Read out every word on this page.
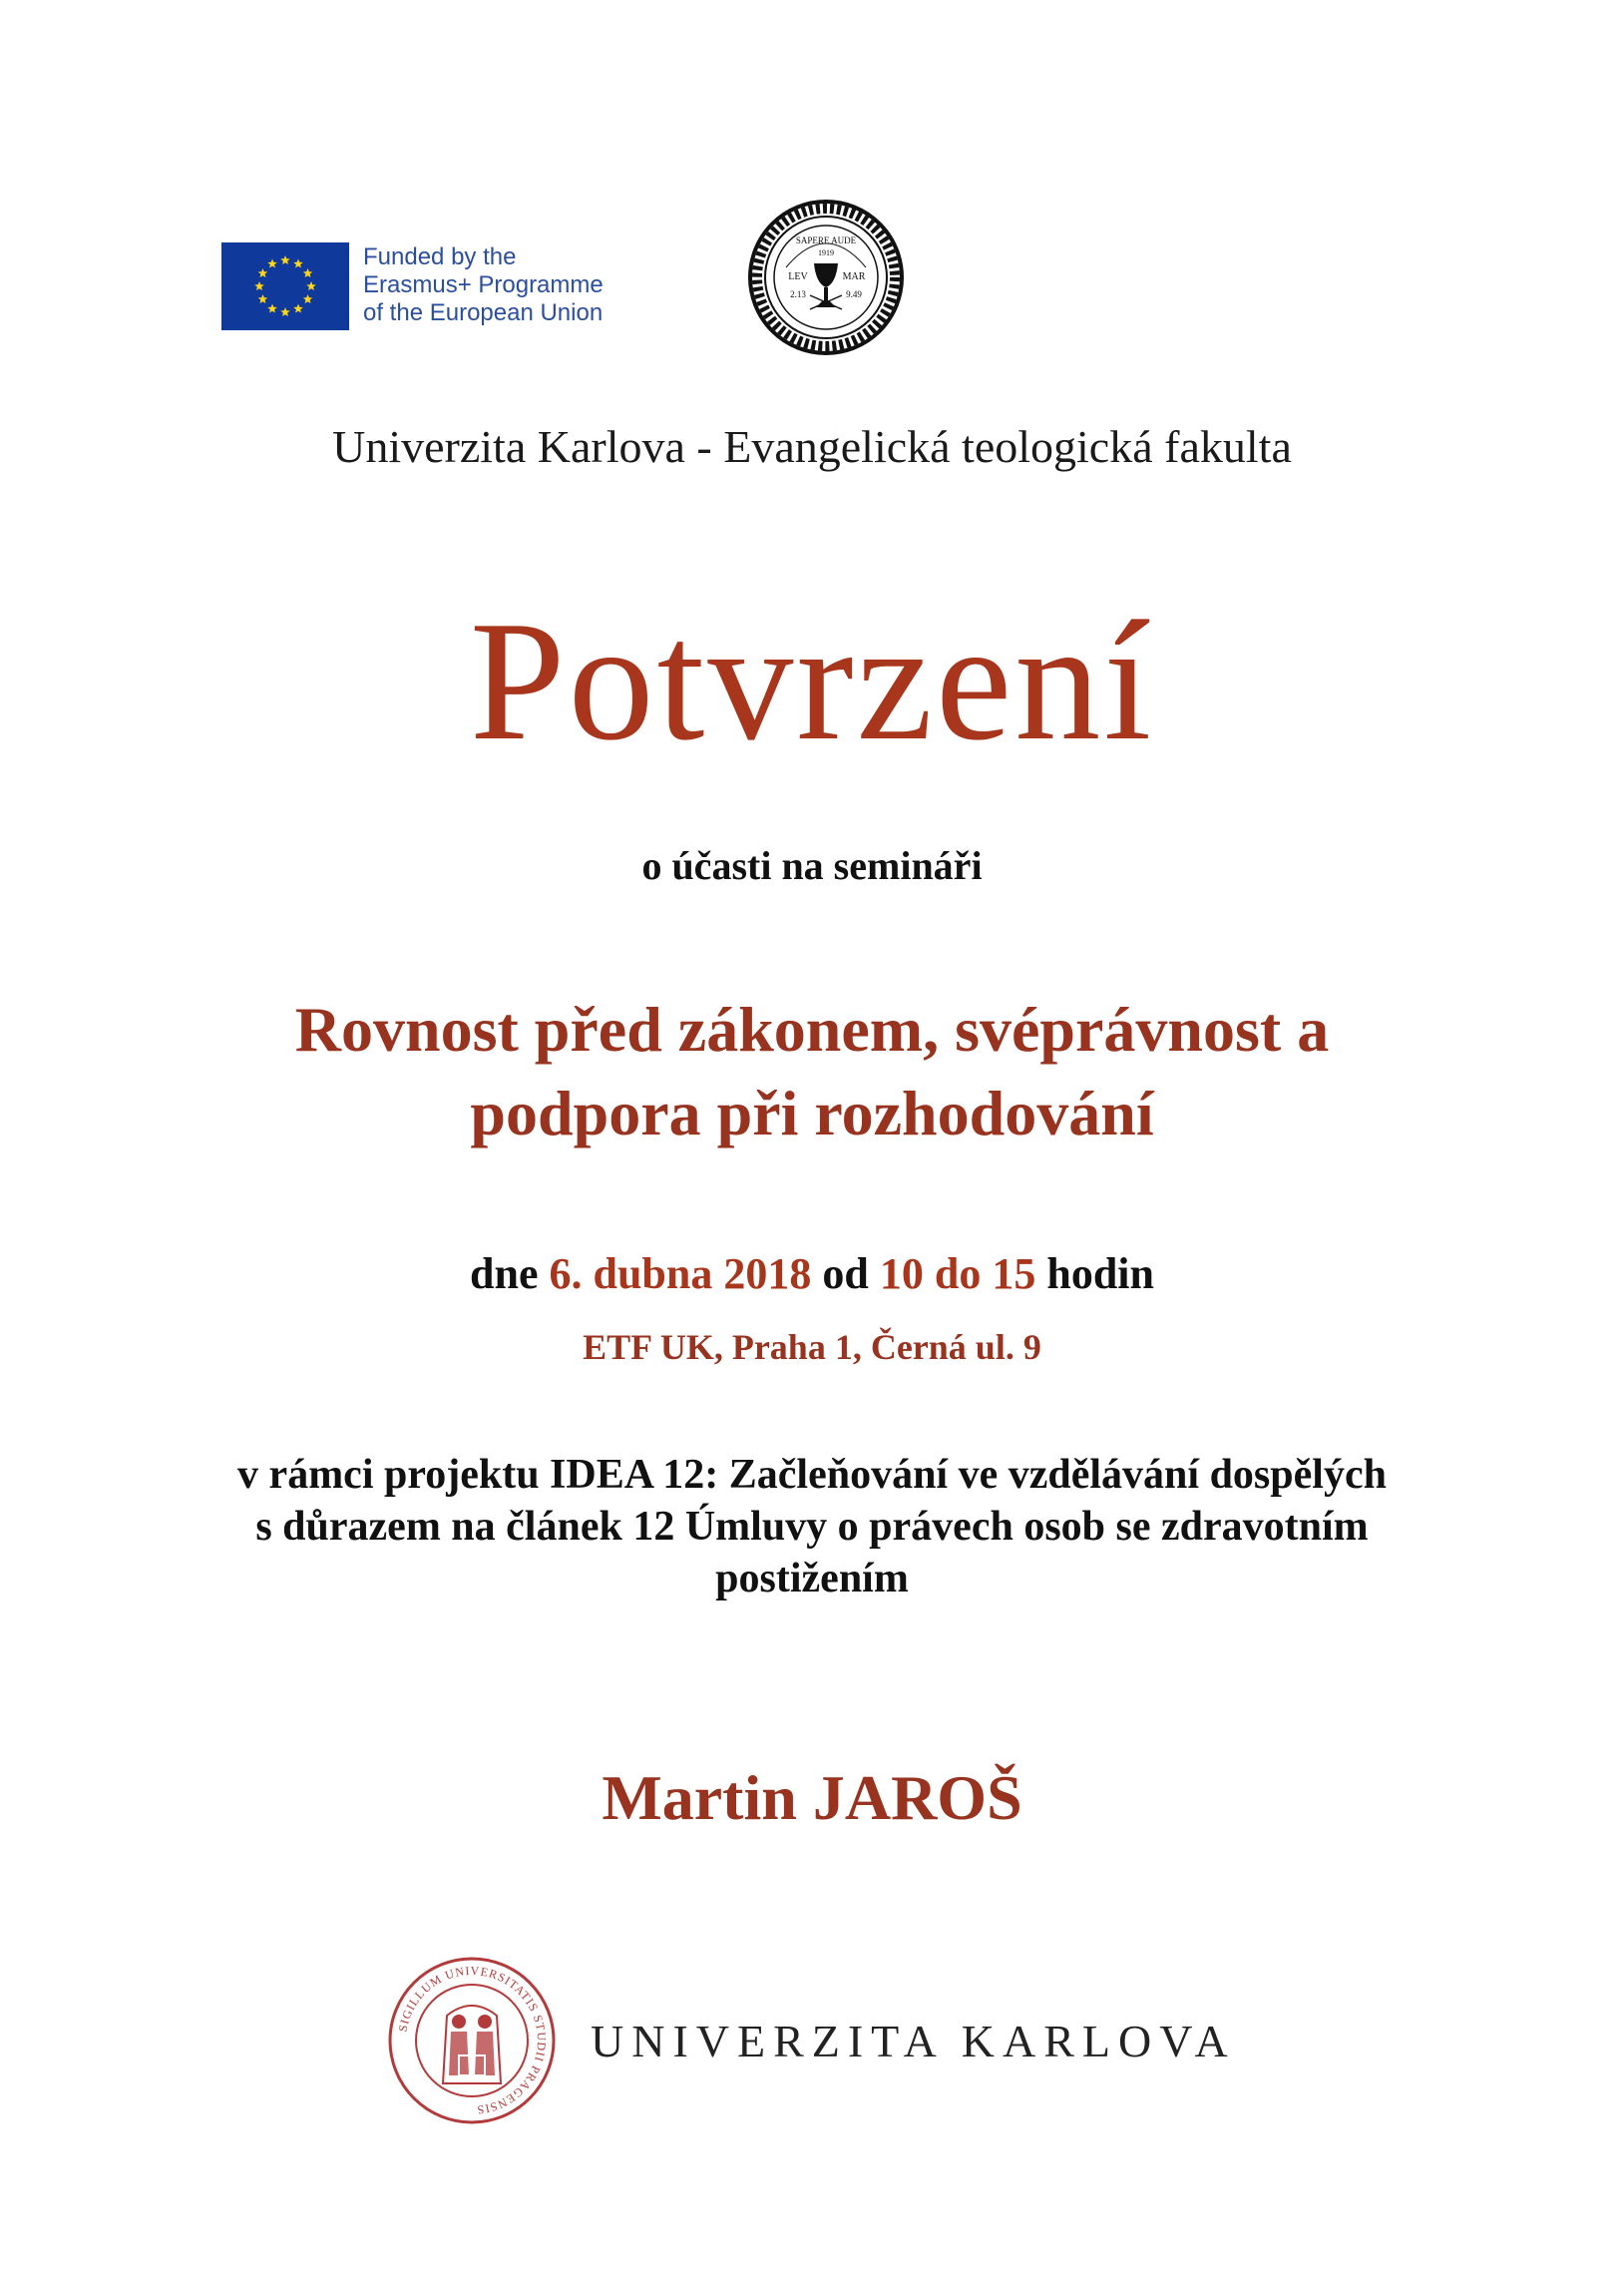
Funded by the
Erasmus+ Programme
of the European Union
SAPERE AUDE
1919
LEV	MAR
2.13	9.49
Univerzita Karlova - Evangelická teologická fakulta
Potvrzení
o účasti na semináři
Rovnost před zákonem, svéprávnost a
podpora při rozhodování
dne 6. dubna 2018 od 10 do 15 hodin
ETF UK, Praha 1, Černá ul. 9
v rámci projektu IDEA 12: Začleňování ve vzdělávání dospělých
s důrazem na článek 12 Úmluvy o právech osob se zdravotním
postižením
Martin JAROŠ
SIGILLUM UNIVERSITATIS STUDII PRAGENSIS
UNIVERZITA KARLOVA
